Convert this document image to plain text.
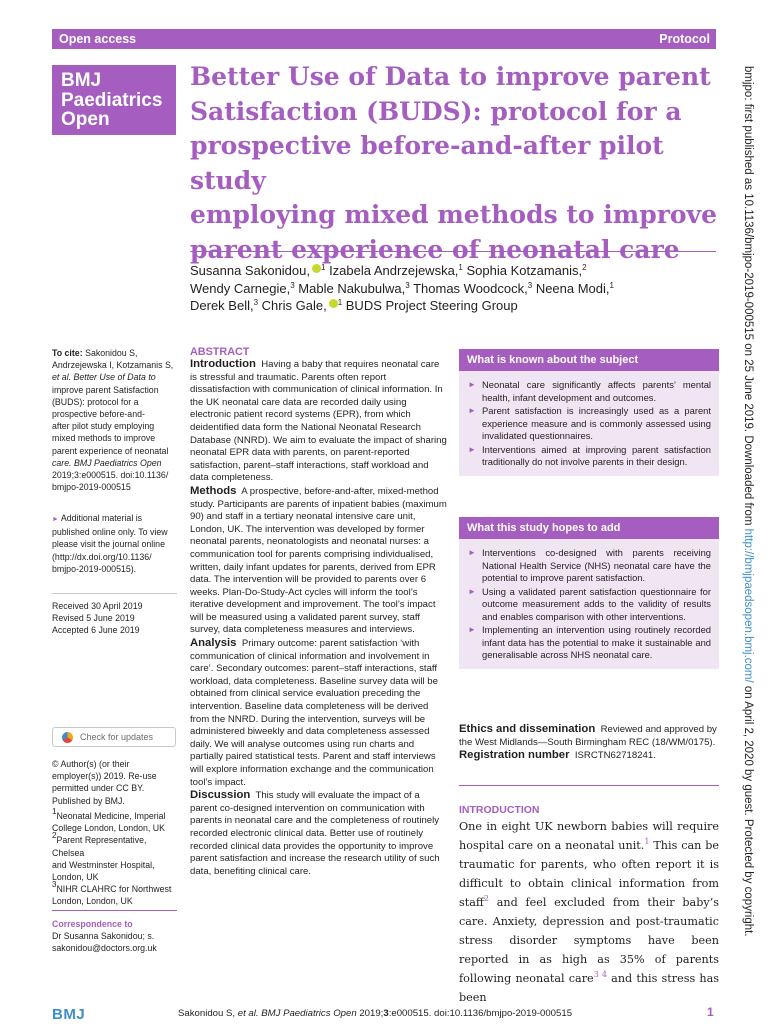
Open access	Protocol
BMJ
Paediatrics
Open
Better Use of Data to improve parent
Satisfaction (BUDS): protocol for a
prospective before-and-after pilot study
employing mixed methods to improve
parent experience of neonatal care
Susanna Sakonidou, $^1$ Izabela Andrzejewska,$^1$ Sophia Kotzamanis,$^2$
Wendy Carnegie,$^3$ Mable Nakubulwa,$^3$ Thomas Woodcock,$^3$ Neena Modi,$^1$
Derek Bell,$^3$ Chris Gale, $^1$ BUDS Project Steering Group
To cite: Sakonidou S,
Andrzejewska I, Kotzamanis S,
et al. Better Use of Data to
improve parent Satisfaction
(BUDS): protocol for a
prospective before-and-
after pilot study employing
mixed methods to improve
parent experience of neonatal
care. BMJ Paediatrics Open
2019;3:e000515. doi:10.1136/
bmjpo-2019-000515
► Additional material is
published online only. To view
please visit the journal online
(http://dx.doi.org/10.1136/
bmjpo-2019-000515).
Received 30 April 2019
Revised 5 June 2019
Accepted 6 June 2019
Check for updates
© Author(s) (or their
employer(s)) 2019. Re-use
permitted under CC BY.
Published by BMJ.
$^1$Neonatal Medicine, Imperial
College London, London, UK
$^2$Parent Representative, Chelsea
and Westminster Hospital,
London, UK
$^3$NIHR CLAHRC for Northwest
London, London, UK
Correspondence to
Dr Susanna Sakonidou; s.
sakonidou@doctors.org.uk
ABSTRACT

Introduction Having a baby that requires neonatal care is stressful and traumatic. Parents often report dissatisfaction with communication of clinical information. In the UK neonatal care data are recorded daily using electronic patient record systems (EPR), from which deidentified data form the National Neonatal Research Database (NNRD). We aim to evaluate the impact of sharing neonatal EPR data with parents, on parent-reported satisfaction, parent–staff interactions, staff workload and data completeness.

Methods A prospective, before-and-after, mixed-method study. Participants are parents of inpatient babies (maximum 90) and staff in a tertiary neonatal intensive care unit, London, UK. The intervention was developed by former neonatal parents, neonatologists and neonatal nurses: a communication tool for parents comprising individualised, written, daily infant updates for parents, derived from EPR data. The intervention will be provided to parents over 6 weeks. Plan-Do-Study-Act cycles will inform the tool’s iterative development and improvement. The tool’s impact will be measured using a validated parent survey, staff survey, data completeness measures and interviews.

Analysis Primary outcome: parent satisfaction ‘with communication of clinical information and involvement in care’. Secondary outcomes: parent–staff interactions, staff workload, data completeness. Baseline survey data will be obtained from clinical service evaluation preceding the intervention. Baseline data completeness will be derived from the NNRD. During the intervention, surveys will be administered biweekly and data completeness assessed daily. We will analyse outcomes using run charts and partially paired statistical tests. Parent and staff interviews will explore information exchange and the communication tool’s impact.

Discussion This study will evaluate the impact of a parent co-designed intervention on communication with parents in neonatal care and the completeness of routinely recorded electronic clinical data. Better use of routinely recorded clinical data provides the opportunity to improve parent satisfaction and increase the research utility of such data, benefiting clinical care.

What is known about the subject
► Neonatal care significantly affects parents’ mental health, infant development and outcomes.
► Parent satisfaction is increasingly used as a parent experience measure and is commonly assessed using invalidated questionnaires.
► Interventions aimed at improving parent satisfaction traditionally do not involve parents in their design.
What this study hopes to add
► Interventions co-designed with parents receiving National Health Service (NHS) neonatal care have the potential to improve parent satisfaction.
► Using a validated parent satisfaction questionnaire for outcome measurement adds to the validity of results and enables comparison with other interventions.
► Implementing an intervention using routinely recorded infant data has the potential to make it sustainable and generalisable across NHS neonatal care.

Ethics and dissemination Reviewed and approved by the West Midlands—South Birmingham REC (18/WM/0175).

Registration number ISRCTN62718241.

INTRODUCTION
One in eight UK newborn babies will require hospital care on a neonatal unit.$^1$ This can be traumatic for parents, who often report it is difficult to obtain clinical information from staff$^2$ and feel excluded from their baby’s care. Anxiety, depression and post-traumatic stress disorder symptoms have been reported in as high as 35% of parents following neonatal care$^{3 4}$ and this stress has been
bmjpo: first published as 10.1136/bmjpo-2019-000515 on 25 June 2019. Downloaded from http://bmjpaedsopen.bmj.com/ on April 2, 2020 by guest. Protected by copyright.
BMJ	Sakonidou S, et al. BMJ Paediatrics Open 2019;3:e000515. doi:10.1136/bmjpo-2019-000515	1
